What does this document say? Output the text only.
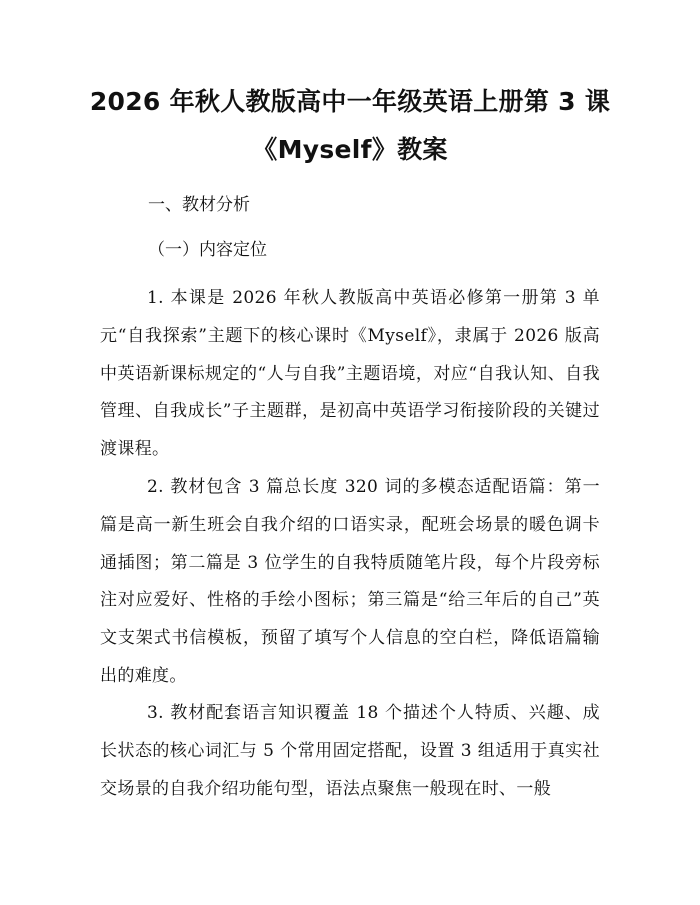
2026 年秋人教版高中一年级英语上册第 3 课
《Myself》教案
一、教材分析
（一）内容定位

1. 本课是 2026 年秋人教版高中英语必修第一册第 3 单元“自我探索”主题下的核心课时《Myself》，隶属于 2026 版高中英语新课标规定的“人与自我”主题语境，对应“自我认知、自我管理、自我成长”子主题群，是初高中英语学习衔接阶段的关键过渡课程。

2. 教材包含 3 篇总长度 320 词的多模态适配语篇：第一篇是高一新生班会自我介绍的口语实录，配班会场景的暖色调卡通插图；第二篇是 3 位学生的自我特质随笔片段，每个片段旁标注对应爱好、性格的手绘小图标；第三篇是“给三年后的自己”英文支架式书信模板，预留了填写个人信息的空白栏，降低语篇输出的难度。

3. 教材配套语言知识覆盖 18 个描述个人特质、兴趣、成长状态的核心词汇与 5 个常用固定搭配，设置 3 组适用于真实社交场景的自我介绍功能句型，语法点聚焦一般现在时、一般
